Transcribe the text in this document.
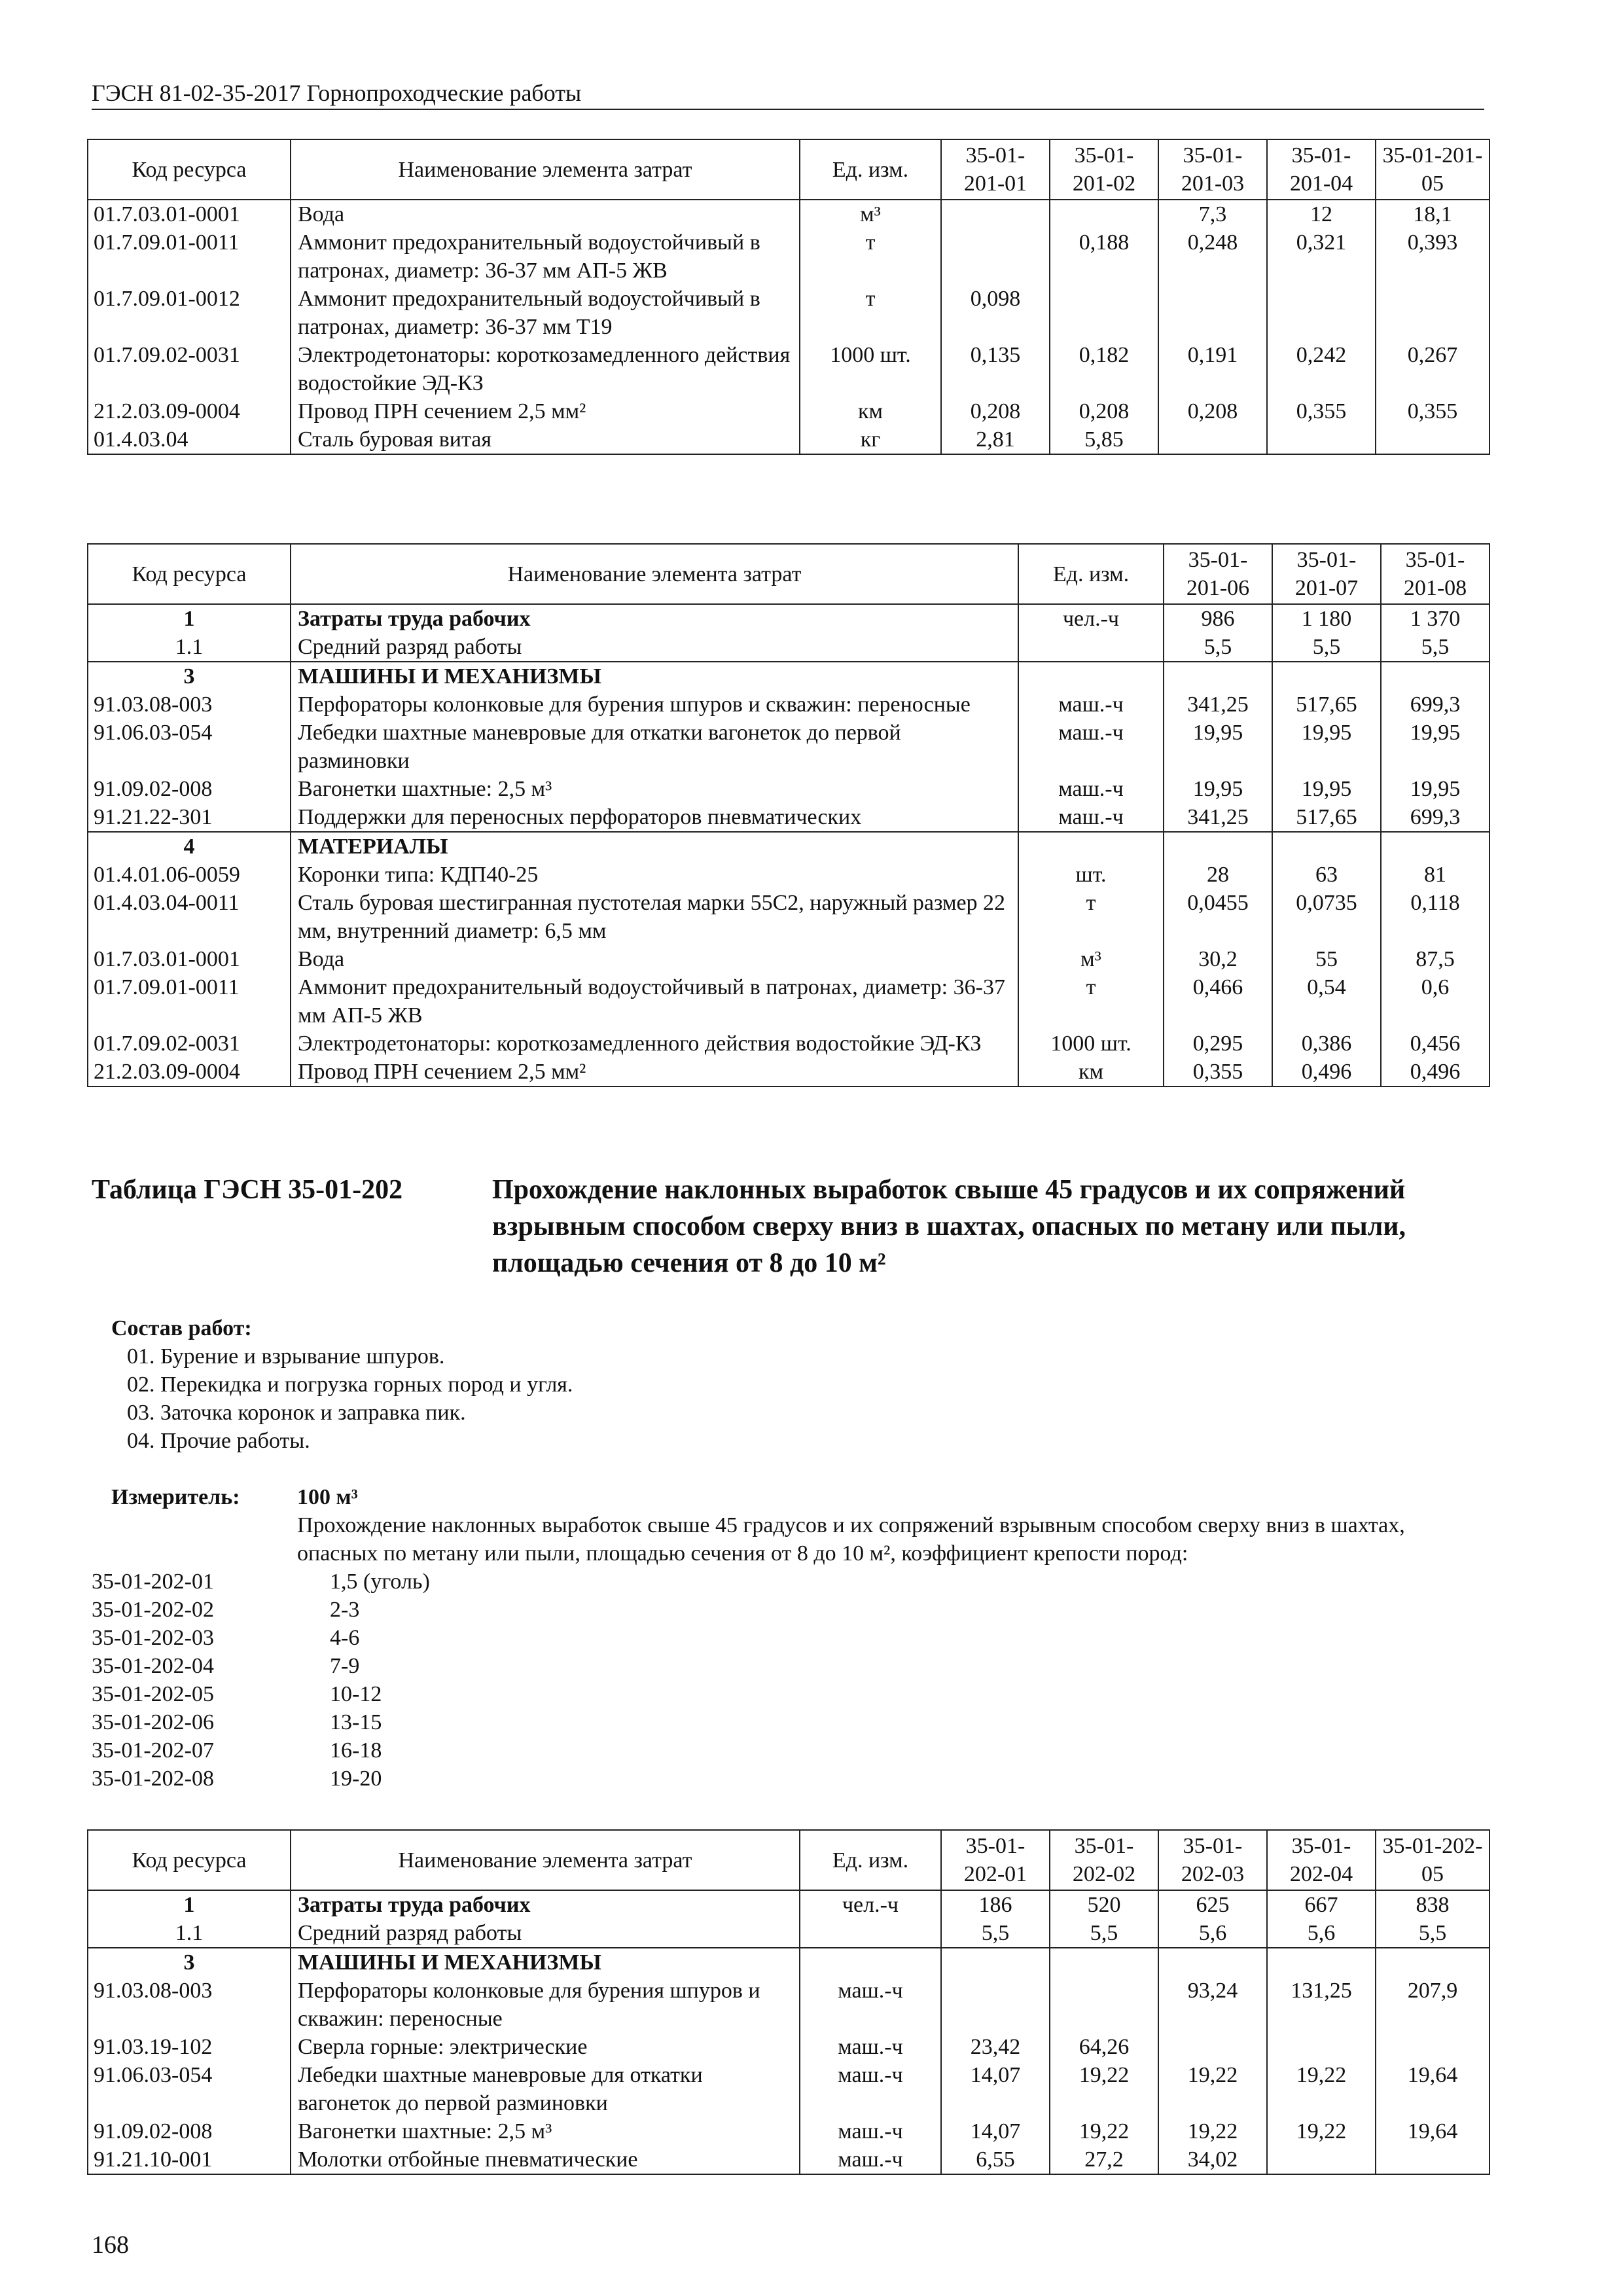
ГЭСН 81-02-35-2017 Горнопроходческие работы
Код ресурса	Наименование элемента затрат	Ед. изм.	35-01-201-01	35-01-201-02	35-01-201-03	35-01-201-04	35-01-201-05
01.7.03.01-0001	Вода	м³			7,3	12	18,1
01.7.09.01-0011	Аммонит предохранительный водоустойчивый в патронах, диаметр: 36-37 мм АП-5 ЖВ	т		0,188	0,248	0,321	0,393
01.7.09.01-0012	Аммонит предохранительный водоустойчивый в патронах, диаметр: 36-37 мм Т19	т	0,098				
01.7.09.02-0031	Электродетонаторы: короткозамедленного действия водостойкие ЭД-КЗ	1000 шт.	0,135	0,182	0,191	0,242	0,267
21.2.03.09-0004	Провод ПРН сечением 2,5 мм²	км	0,208	0,208	0,208	0,355	0,355
01.4.03.04	Сталь буровая витая	кг	2,81	5,85			
Код ресурса	Наименование элемента затрат	Ед. изм.	35-01-201-06	35-01-201-07	35-01-201-08
1	Затраты труда рабочих	чел.-ч	986	1 180	1 370
1.1	Средний разряд работы		5,5	5,5	5,5
3	МАШИНЫ И МЕХАНИЗМЫ				
91.03.08-003	Перфораторы колонковые для бурения шпуров и скважин: переносные	маш.-ч	341,25	517,65	699,3
91.06.03-054	Лебедки шахтные маневровые для откатки вагонеток до первой разминовки	маш.-ч	19,95	19,95	19,95
91.09.02-008	Вагонетки шахтные: 2,5 м³	маш.-ч	19,95	19,95	19,95
91.21.22-301	Поддержки для переносных перфораторов пневматических	маш.-ч	341,25	517,65	699,3
4	МАТЕРИАЛЫ				
01.4.01.06-0059	Коронки типа: КДП40-25	шт.	28	63	81
01.4.03.04-0011	Сталь буровая шестигранная пустотелая марки 55С2, наружный размер 22 мм, внутренний диаметр: 6,5 мм	т	0,0455	0,0735	0,118
01.7.03.01-0001	Вода	м³	30,2	55	87,5
01.7.09.01-0011	Аммонит предохранительный водоустойчивый в патронах, диаметр: 36-37 мм АП-5 ЖВ	т	0,466	0,54	0,6
01.7.09.02-0031	Электродетонаторы: короткозамедленного действия водостойкие ЭД-КЗ	1000 шт.	0,295	0,386	0,456
21.2.03.09-0004	Провод ПРН сечением 2,5 мм²	км	0,355	0,496	0,496
Таблица ГЭСН 35-01-202	Прохождение наклонных выработок свыше 45 градусов и их сопряжений взрывным способом сверху вниз в шахтах, опасных по метану или пыли, площадью сечения от 8 до 10 м²
Состав работ:
01. Бурение и взрывание шпуров.
02. Перекидка и погрузка горных пород и угля.
03. Заточка коронок и заправка пик.
04. Прочие работы.
Измеритель:	100 м³
Прохождение наклонных выработок свыше 45 градусов и их сопряжений взрывным способом сверху вниз в шахтах, опасных по метану или пыли, площадью сечения от 8 до 10 м², коэффициент крепости пород:
35-01-202-01	1,5 (уголь)
35-01-202-02	2-3
35-01-202-03	4-6
35-01-202-04	7-9
35-01-202-05	10-12
35-01-202-06	13-15
35-01-202-07	16-18
35-01-202-08	19-20
Код ресурса	Наименование элемента затрат	Ед. изм.	35-01-202-01	35-01-202-02	35-01-202-03	35-01-202-04	35-01-202-05
1	Затраты труда рабочих	чел.-ч	186	520	625	667	838
1.1	Средний разряд работы		5,5	5,5	5,6	5,6	5,5
3	МАШИНЫ И МЕХАНИЗМЫ						
91.03.08-003	Перфораторы колонковые для бурения шпуров и скважин: переносные	маш.-ч			93,24	131,25	207,9
91.03.19-102	Сверла горные: электрические	маш.-ч	23,42	64,26			
91.06.03-054	Лебедки шахтные маневровые для откатки вагонеток до первой разминовки	маш.-ч	14,07	19,22	19,22	19,22	19,64
91.09.02-008	Вагонетки шахтные: 2,5 м³	маш.-ч	14,07	19,22	19,22	19,22	19,64
91.21.10-001	Молотки отбойные пневматические	маш.-ч	6,55	27,2	34,02		
168
